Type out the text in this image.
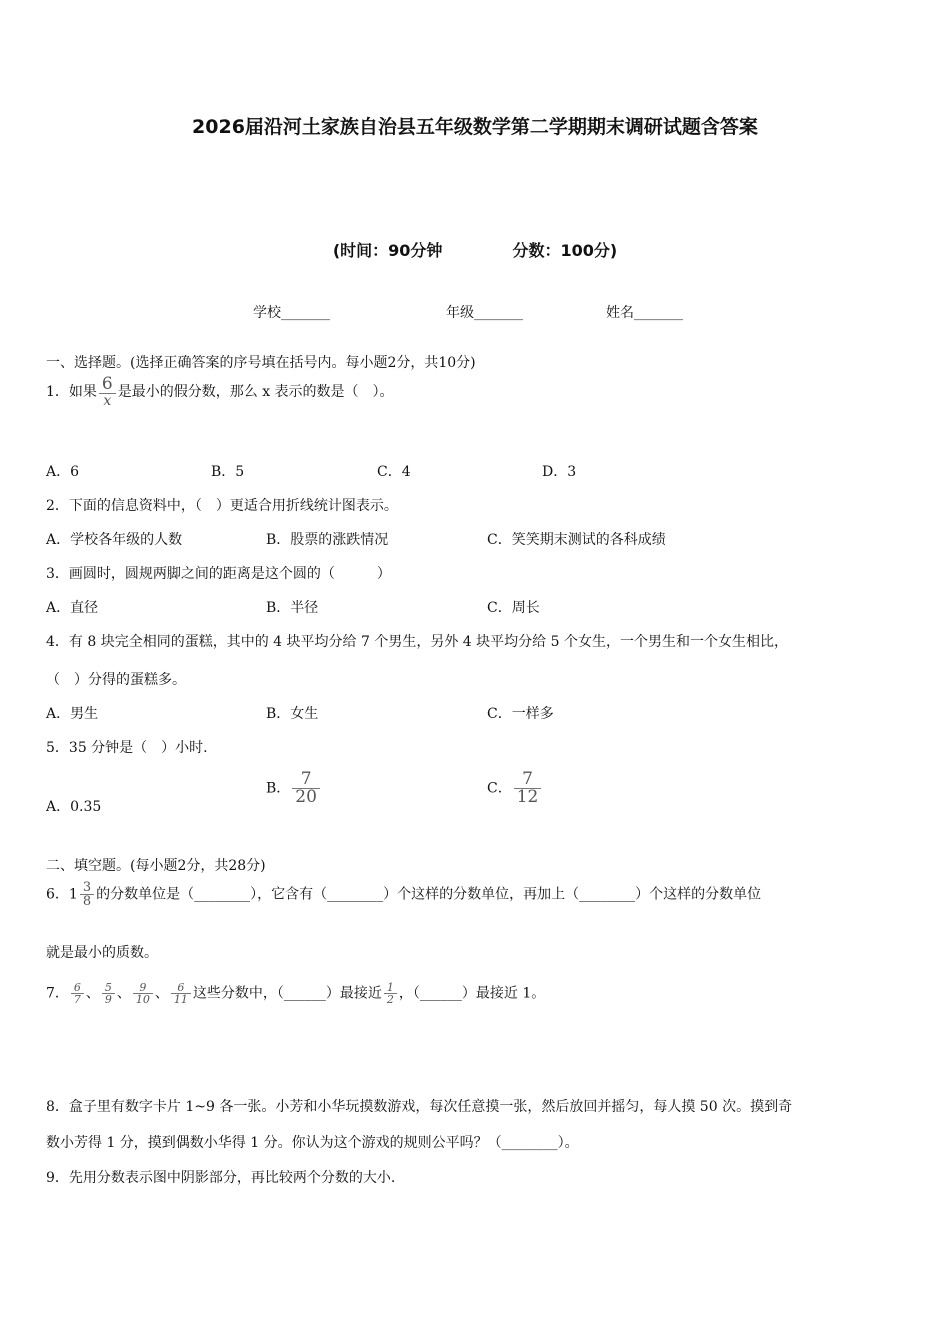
2026届沿河土家族自治县五年级数学第二学期期末调研试题含答案
(时间：90分钟	分数：100分)
学校_______	年级_______	姓名_______
一、选择题。(选择正确答案的序号填在括号内。每小题2分，共10分)
1．如果 $\frac{6}{x}$ 是最小的假分数，那么 x 表示的数是（　）。
A．6	B．5	C．4	D．3
2．下面的信息资料中，（　）更适合用折线统计图表示。
A．学校各年级的人数	B．股票的涨跌情况	C．笑笑期末测试的各科成绩
3．画圆时，圆规两脚之间的距离是这个圆的（　　　）
A．直径	B．半径	C．周长
4．有 8 块完全相同的蛋糕，其中的 4 块平均分给 7 个男生，另外 4 块平均分给 5 个女生，一个男生和一个女生相比，
（　）分得的蛋糕多。
A．男生	B．女生	C．一样多
5．35 分钟是（　）小时.
A．0.35
B． $\frac{7}{20}$	C． $\frac{7}{12}$
二、填空题。(每小题2分，共28分)
6．$1 \frac{3}{8}$ 的分数单位是（________），它含有（________）个这样的分数单位，再加上（________）个这样的分数单位
就是最小的质数。
7． $\frac{6}{7}$ 、 $\frac{5}{9}$ 、 $\frac{9}{10}$ 、 $\frac{6}{11}$ 这些分数中，（______）最接近 $\frac{1}{2}$ ，（______）最接近 1。
8．盒子里有数字卡片 1~9 各一张。小芳和小华玩摸数游戏，每次任意摸一张，然后放回并摇匀，每人摸 50 次。摸到奇
数小芳得 1 分，摸到偶数小华得 1 分。你认为这个游戏的规则公平吗？（________）。
9．先用分数表示图中阴影部分，再比较两个分数的大小.
